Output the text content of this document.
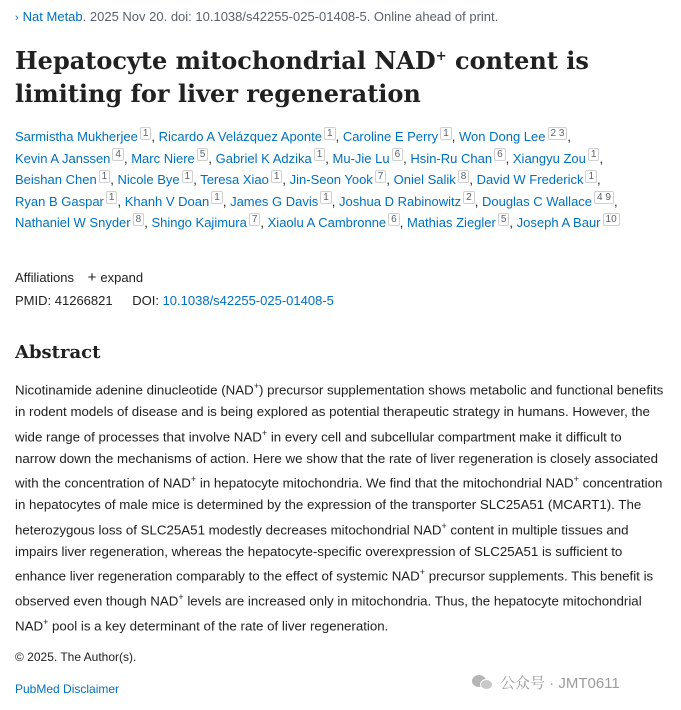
› Nat Metab. 2025 Nov 20. doi: 10.1038/s42255-025-01408-5. Online ahead of print.
Hepatocyte mitochondrial NAD+ content is limiting for liver regeneration
Sarmistha Mukherjee 1 , Ricardo A Velázquez Aponte 1 , Caroline E Perry 1 , Won Dong Lee 2 3 , Kevin A Janssen 4 , Marc Niere 5 , Gabriel K Adzika 1 , Mu-Jie Lu 6 , Hsin-Ru Chan 6 , Xiangyu Zou 1 , Beishan Chen 1 , Nicole Bye 1 , Teresa Xiao 1 , Jin-Seon Yook 7 , Oniel Salik 8 , David W Frederick 1 , Ryan B Gaspar 1 , Khanh V Doan 1 , James G Davis 1 , Joshua D Rabinowitz 2 , Douglas C Wallace 4 9 , Nathaniel W Snyder 8 , Shingo Kajimura 7 , Xiaolu A Cambronne 6 , Mathias Ziegler 5 , Joseph A Baur 10
Affiliations + expand
PMID: 41266821 DOI: 10.1038/s42255-025-01408-5
Abstract

Nicotinamide adenine dinucleotide (NAD+) precursor supplementation shows metabolic and functional benefits in rodent models of disease and is being explored as potential therapeutic strategy in humans. However, the wide range of processes that involve NAD+ in every cell and subcellular compartment make it difficult to narrow down the mechanisms of action. Here we show that the rate of liver regeneration is closely associated with the concentration of NAD+ in hepatocyte mitochondria. We find that the mitochondrial NAD+ concentration in hepatocytes of male mice is determined by the expression of the transporter SLC25A51 (MCART1). The heterozygous loss of SLC25A51 modestly decreases mitochondrial NAD+ content in multiple tissues and impairs liver regeneration, whereas the hepatocyte-specific overexpression of SLC25A51 is sufficient to enhance liver regeneration comparably to the effect of systemic NAD+ precursor supplements. This benefit is observed even though NAD+ levels are increased only in mitochondria. Thus, the hepatocyte mitochondrial NAD+ pool is a key determinant of the rate of liver regeneration.

© 2025. The Author(s).
PubMed Disclaimer	公众号 · JMT0611
